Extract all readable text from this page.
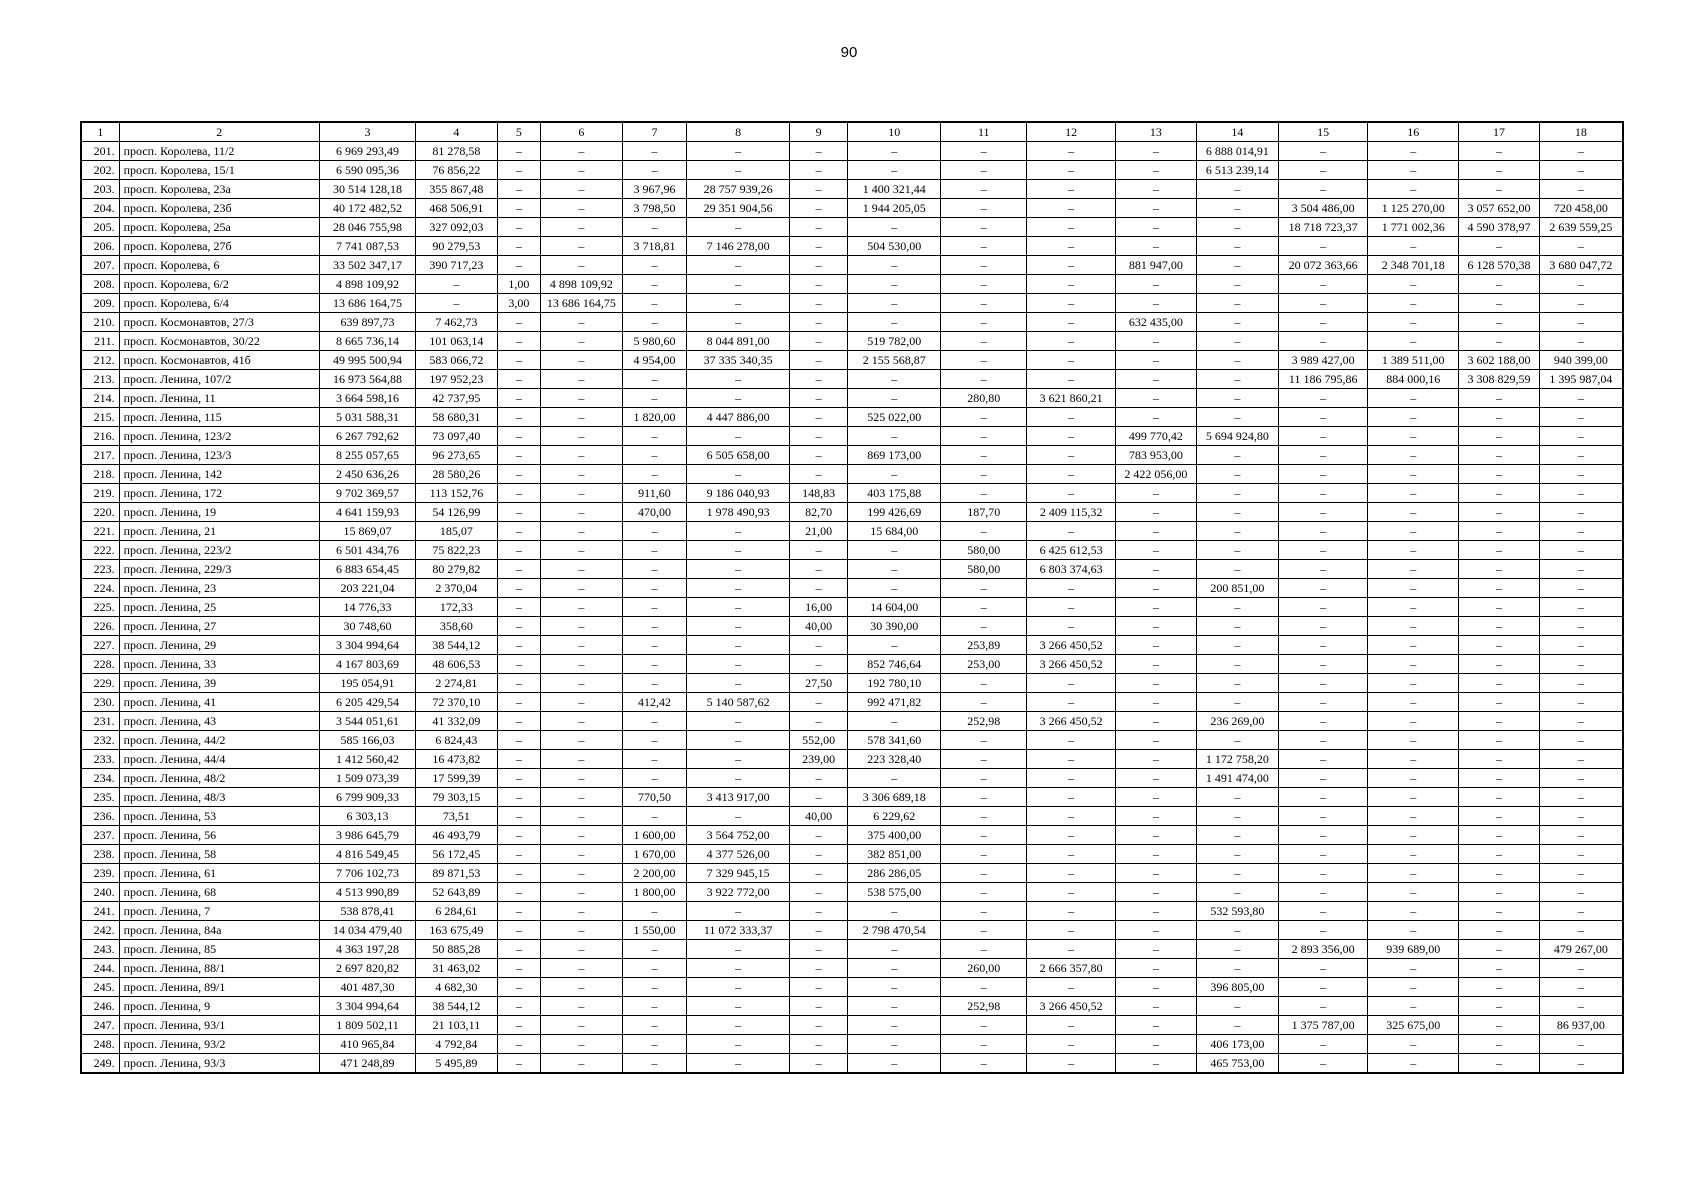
90
1	2	3	4	5	6	7	8	9	10	11	12	13	14	15	16	17	18
201.	просп. Королева, 11/2	6 969 293,49	81 278,58	–	–	–	–	–	–	–	–	–	6 888 014,91	–	–	–	–
202.	просп. Королева, 15/1	6 590 095,36	76 856,22	–	–	–	–	–	–	–	–	–	6 513 239,14	–	–	–	–
203.	просп. Королева, 23а	30 514 128,18	355 867,48	–	–	3 967,96	28 757 939,26	–	1 400 321,44	–	–	–	–	–	–	–	–
204.	просп. Королева, 23б	40 172 482,52	468 506,91	–	–	3 798,50	29 351 904,56	–	1 944 205,05	–	–	–	–	3 504 486,00	1 125 270,00	3 057 652,00	720 458,00
205.	просп. Королева, 25а	28 046 755,98	327 092,03	–	–	–	–	–	–	–	–	–	–	18 718 723,37	1 771 002,36	4 590 378,97	2 639 559,25
206.	просп. Королева, 27б	7 741 087,53	90 279,53	–	–	3 718,81	7 146 278,00	–	504 530,00	–	–	–	–	–	–	–	–
207.	просп. Королева, 6	33 502 347,17	390 717,23	–	–	–	–	–	–	–	–	881 947,00	–	20 072 363,66	2 348 701,18	6 128 570,38	3 680 047,72
208.	просп. Королева, 6/2	4 898 109,92	–	1,00	4 898 109,92	–	–	–	–	–	–	–	–	–	–	–	–
209.	просп. Королева, 6/4	13 686 164,75	–	3,00	13 686 164,75	–	–	–	–	–	–	–	–	–	–	–	–
210.	просп. Космонавтов, 27/3	639 897,73	7 462,73	–	–	–	–	–	–	–	–	632 435,00	–	–	–	–	–
211.	просп. Космонавтов, 30/22	8 665 736,14	101 063,14	–	–	5 980,60	8 044 891,00	–	519 782,00	–	–	–	–	–	–	–	–
212.	просп. Космонавтов, 41б	49 995 500,94	583 066,72	–	–	4 954,00	37 335 340,35	–	2 155 568,87	–	–	–	–	3 989 427,00	1 389 511,00	3 602 188,00	940 399,00
213.	просп. Ленина, 107/2	16 973 564,88	197 952,23	–	–	–	–	–	–	–	–	–	–	11 186 795,86	884 000,16	3 308 829,59	1 395 987,04
214.	просп. Ленина, 11	3 664 598,16	42 737,95	–	–	–	–	–	–	280,80	3 621 860,21	–	–	–	–	–	–
215.	просп. Ленина, 115	5 031 588,31	58 680,31	–	–	1 820,00	4 447 886,00	–	525 022,00	–	–	–	–	–	–	–	–
216.	просп. Ленина, 123/2	6 267 792,62	73 097,40	–	–	–	–	–	–	–	–	499 770,42	5 694 924,80	–	–	–	–
217.	просп. Ленина, 123/3	8 255 057,65	96 273,65	–	–	–	6 505 658,00	–	869 173,00	–	–	783 953,00	–	–	–	–	–
218.	просп. Ленина, 142	2 450 636,26	28 580,26	–	–	–	–	–	–	–	–	2 422 056,00	–	–	–	–	–
219.	просп. Ленина, 172	9 702 369,57	113 152,76	–	–	911,60	9 186 040,93	148,83	403 175,88	–	–	–	–	–	–	–	–
220.	просп. Ленина, 19	4 641 159,93	54 126,99	–	–	470,00	1 978 490,93	82,70	199 426,69	187,70	2 409 115,32	–	–	–	–	–	–
221.	просп. Ленина, 21	15 869,07	185,07	–	–	–	–	21,00	15 684,00	–	–	–	–	–	–	–	–
222.	просп. Ленина, 223/2	6 501 434,76	75 822,23	–	–	–	–	–	–	580,00	6 425 612,53	–	–	–	–	–	–
223.	просп. Ленина, 229/3	6 883 654,45	80 279,82	–	–	–	–	–	–	580,00	6 803 374,63	–	–	–	–	–	–
224.	просп. Ленина, 23	203 221,04	2 370,04	–	–	–	–	–	–	–	–	–	200 851,00	–	–	–	–
225.	просп. Ленина, 25	14 776,33	172,33	–	–	–	–	16,00	14 604,00	–	–	–	–	–	–	–	–
226.	просп. Ленина, 27	30 748,60	358,60	–	–	–	–	40,00	30 390,00	–	–	–	–	–	–	–	–
227.	просп. Ленина, 29	3 304 994,64	38 544,12	–	–	–	–	–	–	253,89	3 266 450,52	–	–	–	–	–	–
228.	просп. Ленина, 33	4 167 803,69	48 606,53	–	–	–	–	–	852 746,64	253,00	3 266 450,52	–	–	–	–	–	–
229.	просп. Ленина, 39	195 054,91	2 274,81	–	–	–	–	27,50	192 780,10	–	–	–	–	–	–	–	–
230.	просп. Ленина, 41	6 205 429,54	72 370,10	–	–	412,42	5 140 587,62	–	992 471,82	–	–	–	–	–	–	–	–
231.	просп. Ленина, 43	3 544 051,61	41 332,09	–	–	–	–	–	–	252,98	3 266 450,52	–	236 269,00	–	–	–	–
232.	просп. Ленина, 44/2	585 166,03	6 824,43	–	–	–	–	552,00	578 341,60	–	–	–	–	–	–	–	–
233.	просп. Ленина, 44/4	1 412 560,42	16 473,82	–	–	–	–	239,00	223 328,40	–	–	–	1 172 758,20	–	–	–	–
234.	просп. Ленина, 48/2	1 509 073,39	17 599,39	–	–	–	–	–	–	–	–	–	1 491 474,00	–	–	–	–
235.	просп. Ленина, 48/3	6 799 909,33	79 303,15	–	–	770,50	3 413 917,00	–	3 306 689,18	–	–	–	–	–	–	–	–
236.	просп. Ленина, 53	6 303,13	73,51	–	–	–	–	40,00	6 229,62	–	–	–	–	–	–	–	–
237.	просп. Ленина, 56	3 986 645,79	46 493,79	–	–	1 600,00	3 564 752,00	–	375 400,00	–	–	–	–	–	–	–	–
238.	просп. Ленина, 58	4 816 549,45	56 172,45	–	–	1 670,00	4 377 526,00	–	382 851,00	–	–	–	–	–	–	–	–
239.	просп. Ленина, 61	7 706 102,73	89 871,53	–	–	2 200,00	7 329 945,15	–	286 286,05	–	–	–	–	–	–	–	–
240.	просп. Ленина, 68	4 513 990,89	52 643,89	–	–	1 800,00	3 922 772,00	–	538 575,00	–	–	–	–	–	–	–	–
241.	просп. Ленина, 7	538 878,41	6 284,61	–	–	–	–	–	–	–	–	–	532 593,80	–	–	–	–
242.	просп. Ленина, 84а	14 034 479,40	163 675,49	–	–	1 550,00	11 072 333,37	–	2 798 470,54	–	–	–	–	–	–	–	–
243.	просп. Ленина, 85	4 363 197,28	50 885,28	–	–	–	–	–	–	–	–	–	–	2 893 356,00	939 689,00	–	479 267,00
244.	просп. Ленина, 88/1	2 697 820,82	31 463,02	–	–	–	–	–	–	260,00	2 666 357,80	–	–	–	–	–	–
245.	просп. Ленина, 89/1	401 487,30	4 682,30	–	–	–	–	–	–	–	–	–	396 805,00	–	–	–	–
246.	просп. Ленина, 9	3 304 994,64	38 544,12	–	–	–	–	–	–	252,98	3 266 450,52	–	–	–	–	–	–
247.	просп. Ленина, 93/1	1 809 502,11	21 103,11	–	–	–	–	–	–	–	–	–	–	1 375 787,00	325 675,00	–	86 937,00
248.	просп. Ленина, 93/2	410 965,84	4 792,84	–	–	–	–	–	–	–	–	–	406 173,00	–	–	–	–
249.	просп. Ленина, 93/3	471 248,89	5 495,89	–	–	–	–	–	–	–	–	–	465 753,00	–	–	–	–
